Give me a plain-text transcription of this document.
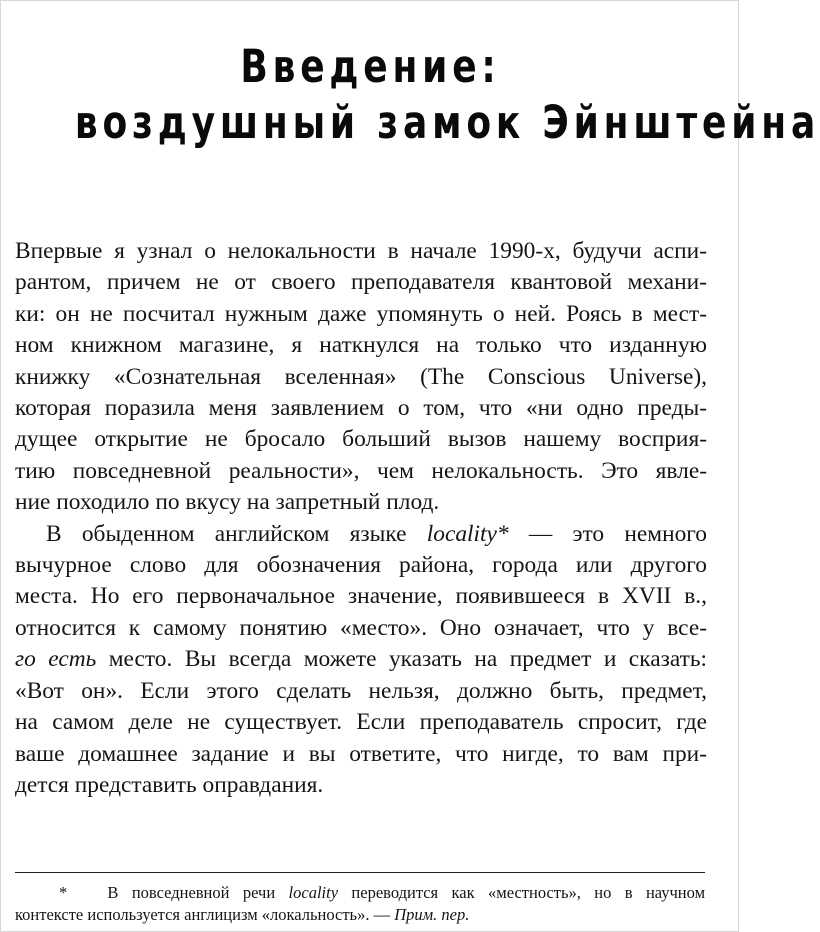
Введение:
воздушный замок Эйнштейна

Впервые я узнал о нелокальности в начале 1990-х, будучи аспи-
рантом, причем не от своего преподавателя квантовой механи-
ки: он не посчитал нужным даже упомянуть о ней. Роясь в мест-
ном книжном магазине, я наткнулся на только что изданную
книжку «Сознательная вселенная» (The Conscious Universe),
которая поразила меня заявлением о том, что «ни одно преды-
дущее открытие не бросало больший вызов нашему восприя-
тию повседневной реальности», чем нелокальность. Это явле-
ние походило по вкусу на запретный плод.

В обыденном английском языке locality* — это немного
вычурное слово для обозначения района, города или другого
места. Но его первоначальное значение, появившееся в XVII в.,
относится к самому понятию «место». Оно означает, что у все-
го есть место. Вы всегда можете указать на предмет и сказать:
«Вот он». Если этого сделать нельзя, должно быть, предмет,
на самом деле не существует. Если преподаватель спросит, где
ваше домашнее задание и вы ответите, что нигде, то вам при-
дется представить оправдания.

* В повседневной речи locality переводится как «местность», но в научном
контексте используется англицизм «локальность». — Прим. пер.
